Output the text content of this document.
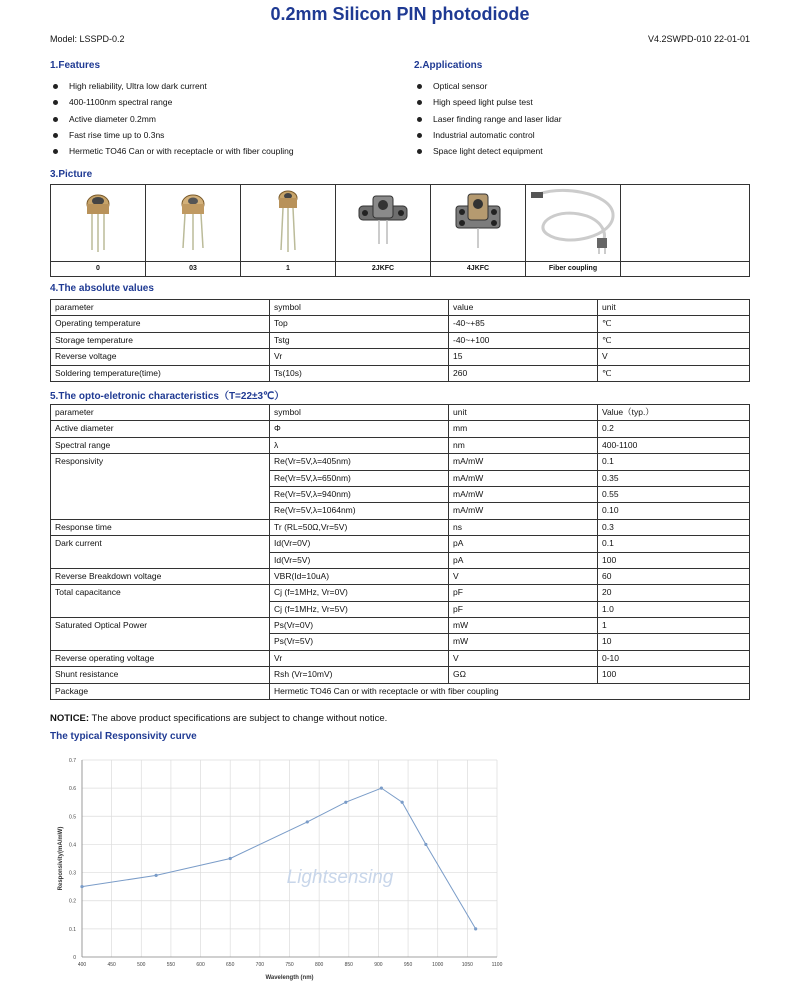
0.2mm Silicon PIN photodiode
Model: LSSPD-0.2	V4.2SWPD-010 22-01-01
1.Features
High reliability, Ultra low dark current
400-1100nm spectral range
Active diameter 0.2mm
Fast rise time up to 0.3ns
Hermetic TO46 Can or with receptacle or with fiber coupling
2.Applications
Optical sensor
High speed light pulse test
Laser finding range and laser lidar
Industrial automatic control
Space light detect equipment
3.Picture

0	03	1	2JKFC	4JKFC	Fiber coupling	
4.The absolute values
parameter	symbol	value	unit
Operating temperature	Top	-40~+85	℃
Storage temperature	Tstg	-40~+100	℃
Reverse voltage	Vr	15	V
Soldering temperature(time)	Ts(10s)	260	℃
5.The opto-eletronic characteristics（T=22±3℃）
parameter	symbol	unit	Value（typ.）
Active diameter	Φ	mm	0.2
Spectral range	λ	nm	400-1100
Responsivity	Re(Vr=5V,λ=405nm)	mA/mW	0.1
	Re(Vr=5V,λ=650nm)	mA/mW	0.35
	Re(Vr=5V,λ=940nm)	mA/mW	0.55
	Re(Vr=5V,λ=1064nm)	mA/mW	0.10
Response time	Tr (RL=50Ω,Vr=5V)	ns	0.3
Dark current	Id(Vr=0V)	pA	0.1
	Id(Vr=5V)	pA	100
Reverse Breakdown voltage	VBR(Id=10uA)	V	60
Total capacitance	Cj (f=1MHz, Vr=0V)	pF	20
	Cj (f=1MHz, Vr=5V)	pF	1.0
Saturated Optical Power	Ps(Vr=0V)	mW	1
	Ps(Vr=5V)	mW	10
Reverse operating voltage	Vr	V	0-10
Shunt resistance	Rsh (Vr=10mV)	GΩ	100
Package	Hermetic TO46 Can or with receptacle or with fiber coupling		
NOTICE: The above product specifications are subject to change without notice.
The typical Responsivity curve
0
0.1
0.2
0.3
0.4
0.5
0.6
0.7
400	450	500	550	600	650	700	750	800	850	900	950	1000	1050	1100
Lightsensing
Responsivity(mA/mW)
Wavelength (nm)
